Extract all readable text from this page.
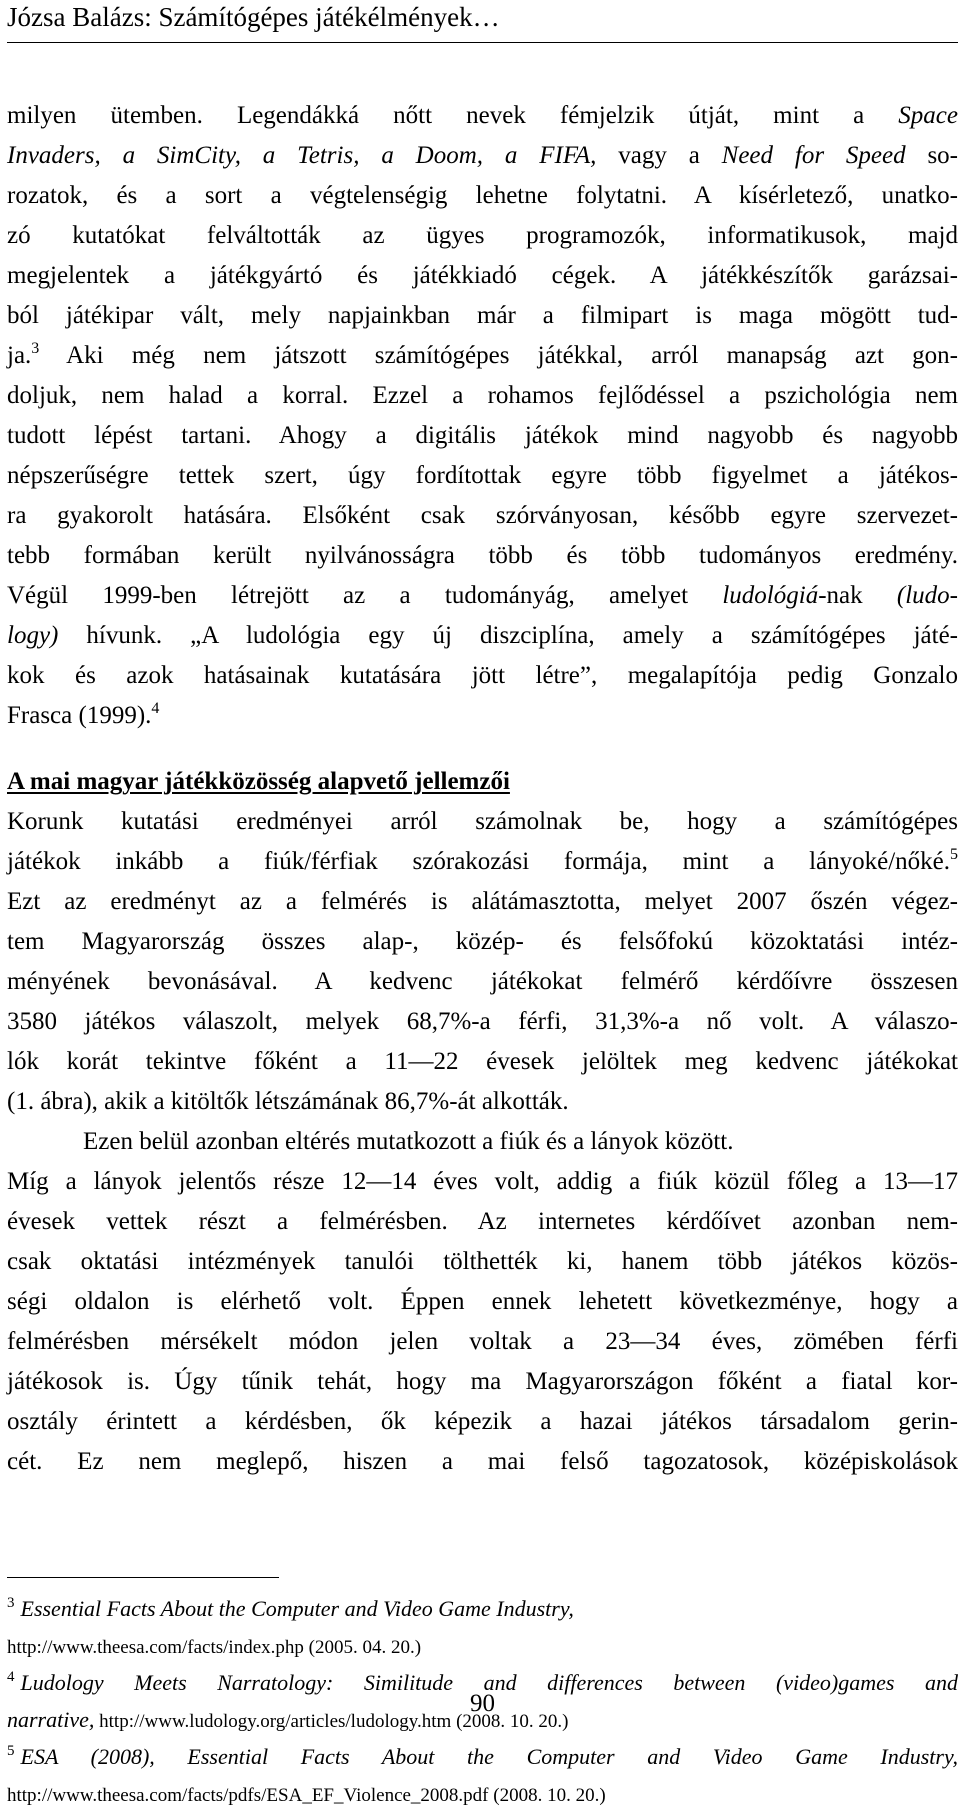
Józsa Balázs: Számítógépes játékélmények…
milyen ütemben. Legendákká nőtt nevek fémjelzik útját, mint a Space
Invaders, a SimCity, a Tetris, a Doom, a FIFA, vagy a Need for Speed so-
rozatok, és a sort a végtelenségig lehetne folytatni. A kísérletező, unatko-
zó kutatókat felváltották az ügyes programozók, informatikusok, majd
megjelentek a játékgyártó és játékkiadó cégek. A játékkészítők garázsai-
ból játékipar vált, mely napjainkban már a filmipart is maga mögött tud-
ja.$^3$ Aki még nem játszott számítógépes játékkal, arról manapság azt gon-
doljuk, nem halad a korral. Ezzel a rohamos fejlődéssel a pszichológia nem
tudott lépést tartani. Ahogy a digitális játékok mind nagyobb és nagyobb
népszerűségre tettek szert, úgy fordítottak egyre több figyelmet a játékos-
ra gyakorolt hatására. Elsőként csak szórványosan, később egyre szervezet-
tebb formában került nyilvánosságra több és több tudományos eredmény.
Végül 1999-ben létrejött az a tudományág, amelyet ludológiá-nak (ludo-
logy) hívunk. „A ludológia egy új diszciplína, amely a számítógépes játé-
kok és azok hatásainak kutatására jött létre”, megalapítója pedig Gonzalo
Frasca (1999).$^4$
A mai magyar játékközösség alapvető jellemzői
Korunk kutatási eredményei arról számolnak be, hogy a számítógépes
játékok inkább a fiúk/férfiak szórakozási formája, mint a lányoké/nőké.$^5$
Ezt az eredményt az a felmérés is alátámasztotta, melyet 2007 őszén végez-
tem Magyarország összes alap-, közép- és felsőfokú közoktatási intéz-
ményének bevonásával. A kedvenc játékokat felmérő kérdőívre összesen
3580 játékos válaszolt, melyek 68,7%-a férfi, 31,3%-a nő volt. A válaszo-
lók korát tekintve főként a 11—22 évesek jelöltek meg kedvenc játékokat
(1. ábra), akik a kitöltők létszámának 86,7%-át alkották.
Ezen belül azonban eltérés mutatkozott a fiúk és a lányok között.
Míg a lányok jelentős része 12—14 éves volt, addig a fiúk közül főleg a 13—17
évesek vettek részt a felmérésben. Az internetes kérdőívet azonban nem-
csak oktatási intézmények tanulói tölthették ki, hanem több játékos közös-
ségi oldalon is elérhető volt. Éppen ennek lehetett következménye, hogy a
felmérésben mérsékelt módon jelen voltak a 23—34 éves, zömében férfi
játékosok is. Úgy tűnik tehát, hogy ma Magyarországon főként a fiatal kor-
osztály érintett a kérdésben, ők képezik a hazai játékos társadalom gerin-
cét. Ez nem meglepő, hiszen a mai felső tagozatosok, középiskolások
$^3$ Essential Facts About the Computer and Video Game Industry,
http://www.theesa.com/facts/index.php (2005. 04. 20.)
$^4$ Ludology Meets Narratology: Similitude and differences between (video)games and
narrative, http://www.ludology.org/articles/ludology.htm (2008. 10. 20.)
$^5$ ESA (2008), Essential Facts About the Computer and Video Game Industry,
http://www.theesa.com/facts/pdfs/ESA_EF_Violence_2008.pdf (2008. 10. 20.)
90
